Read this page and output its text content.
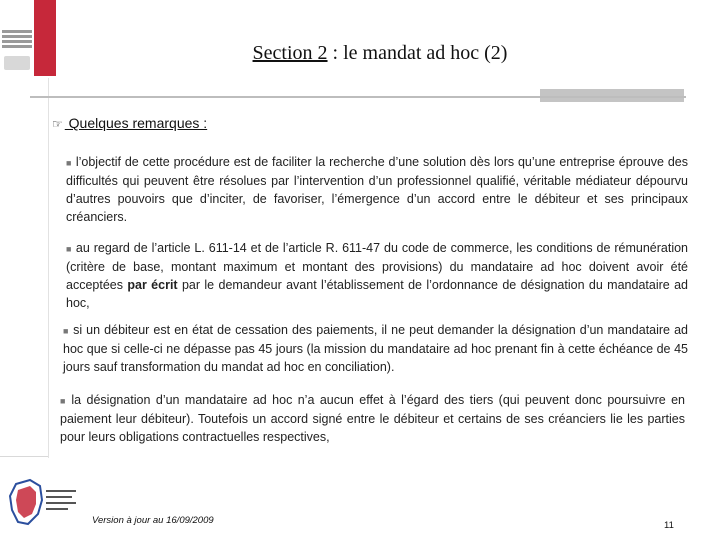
e
n
m	Section 2 : le mandat ad hoc (2)
☞ Quelques remarques :
■ l’objectif de cette procédure est de faciliter la recherche d’une solution dès lors qu’une entreprise éprouve des difficultés qui peuvent être résolues par l’intervention d’un professionnel qualifié, véritable médiateur dépourvu d’autres pouvoirs que d’inciter, de favoriser, l’émergence d’un accord entre le débiteur et ses principaux créanciers.
■ au regard de l’article L. 611-14 et de l’article R. 611-47 du code de commerce, les conditions de rémunération (critère de base, montant maximum et montant des provisions) du mandataire ad hoc doivent avoir été acceptées par écrit par le demandeur avant l’établissement de l’ordonnance de désignation du mandataire ad hoc,
■ si un débiteur est en état de cessation des paiements, il ne peut demander la désignation d’un mandataire ad hoc que si celle-ci ne dépasse pas 45 jours (la mission du mandataire ad hoc prenant fin à cette échéance de 45 jours sauf transformation du mandat ad hoc en conciliation).
■ la désignation d’un mandataire ad hoc n’a aucun effet à l’égard des tiers (qui peuvent donc poursuivre en paiement leur débiteur). Toutefois un accord signé entre le débiteur et certains de ses créanciers lie les parties pour leurs obligations contractuelles respectives,
Version à jour au 16/09/2009	11
